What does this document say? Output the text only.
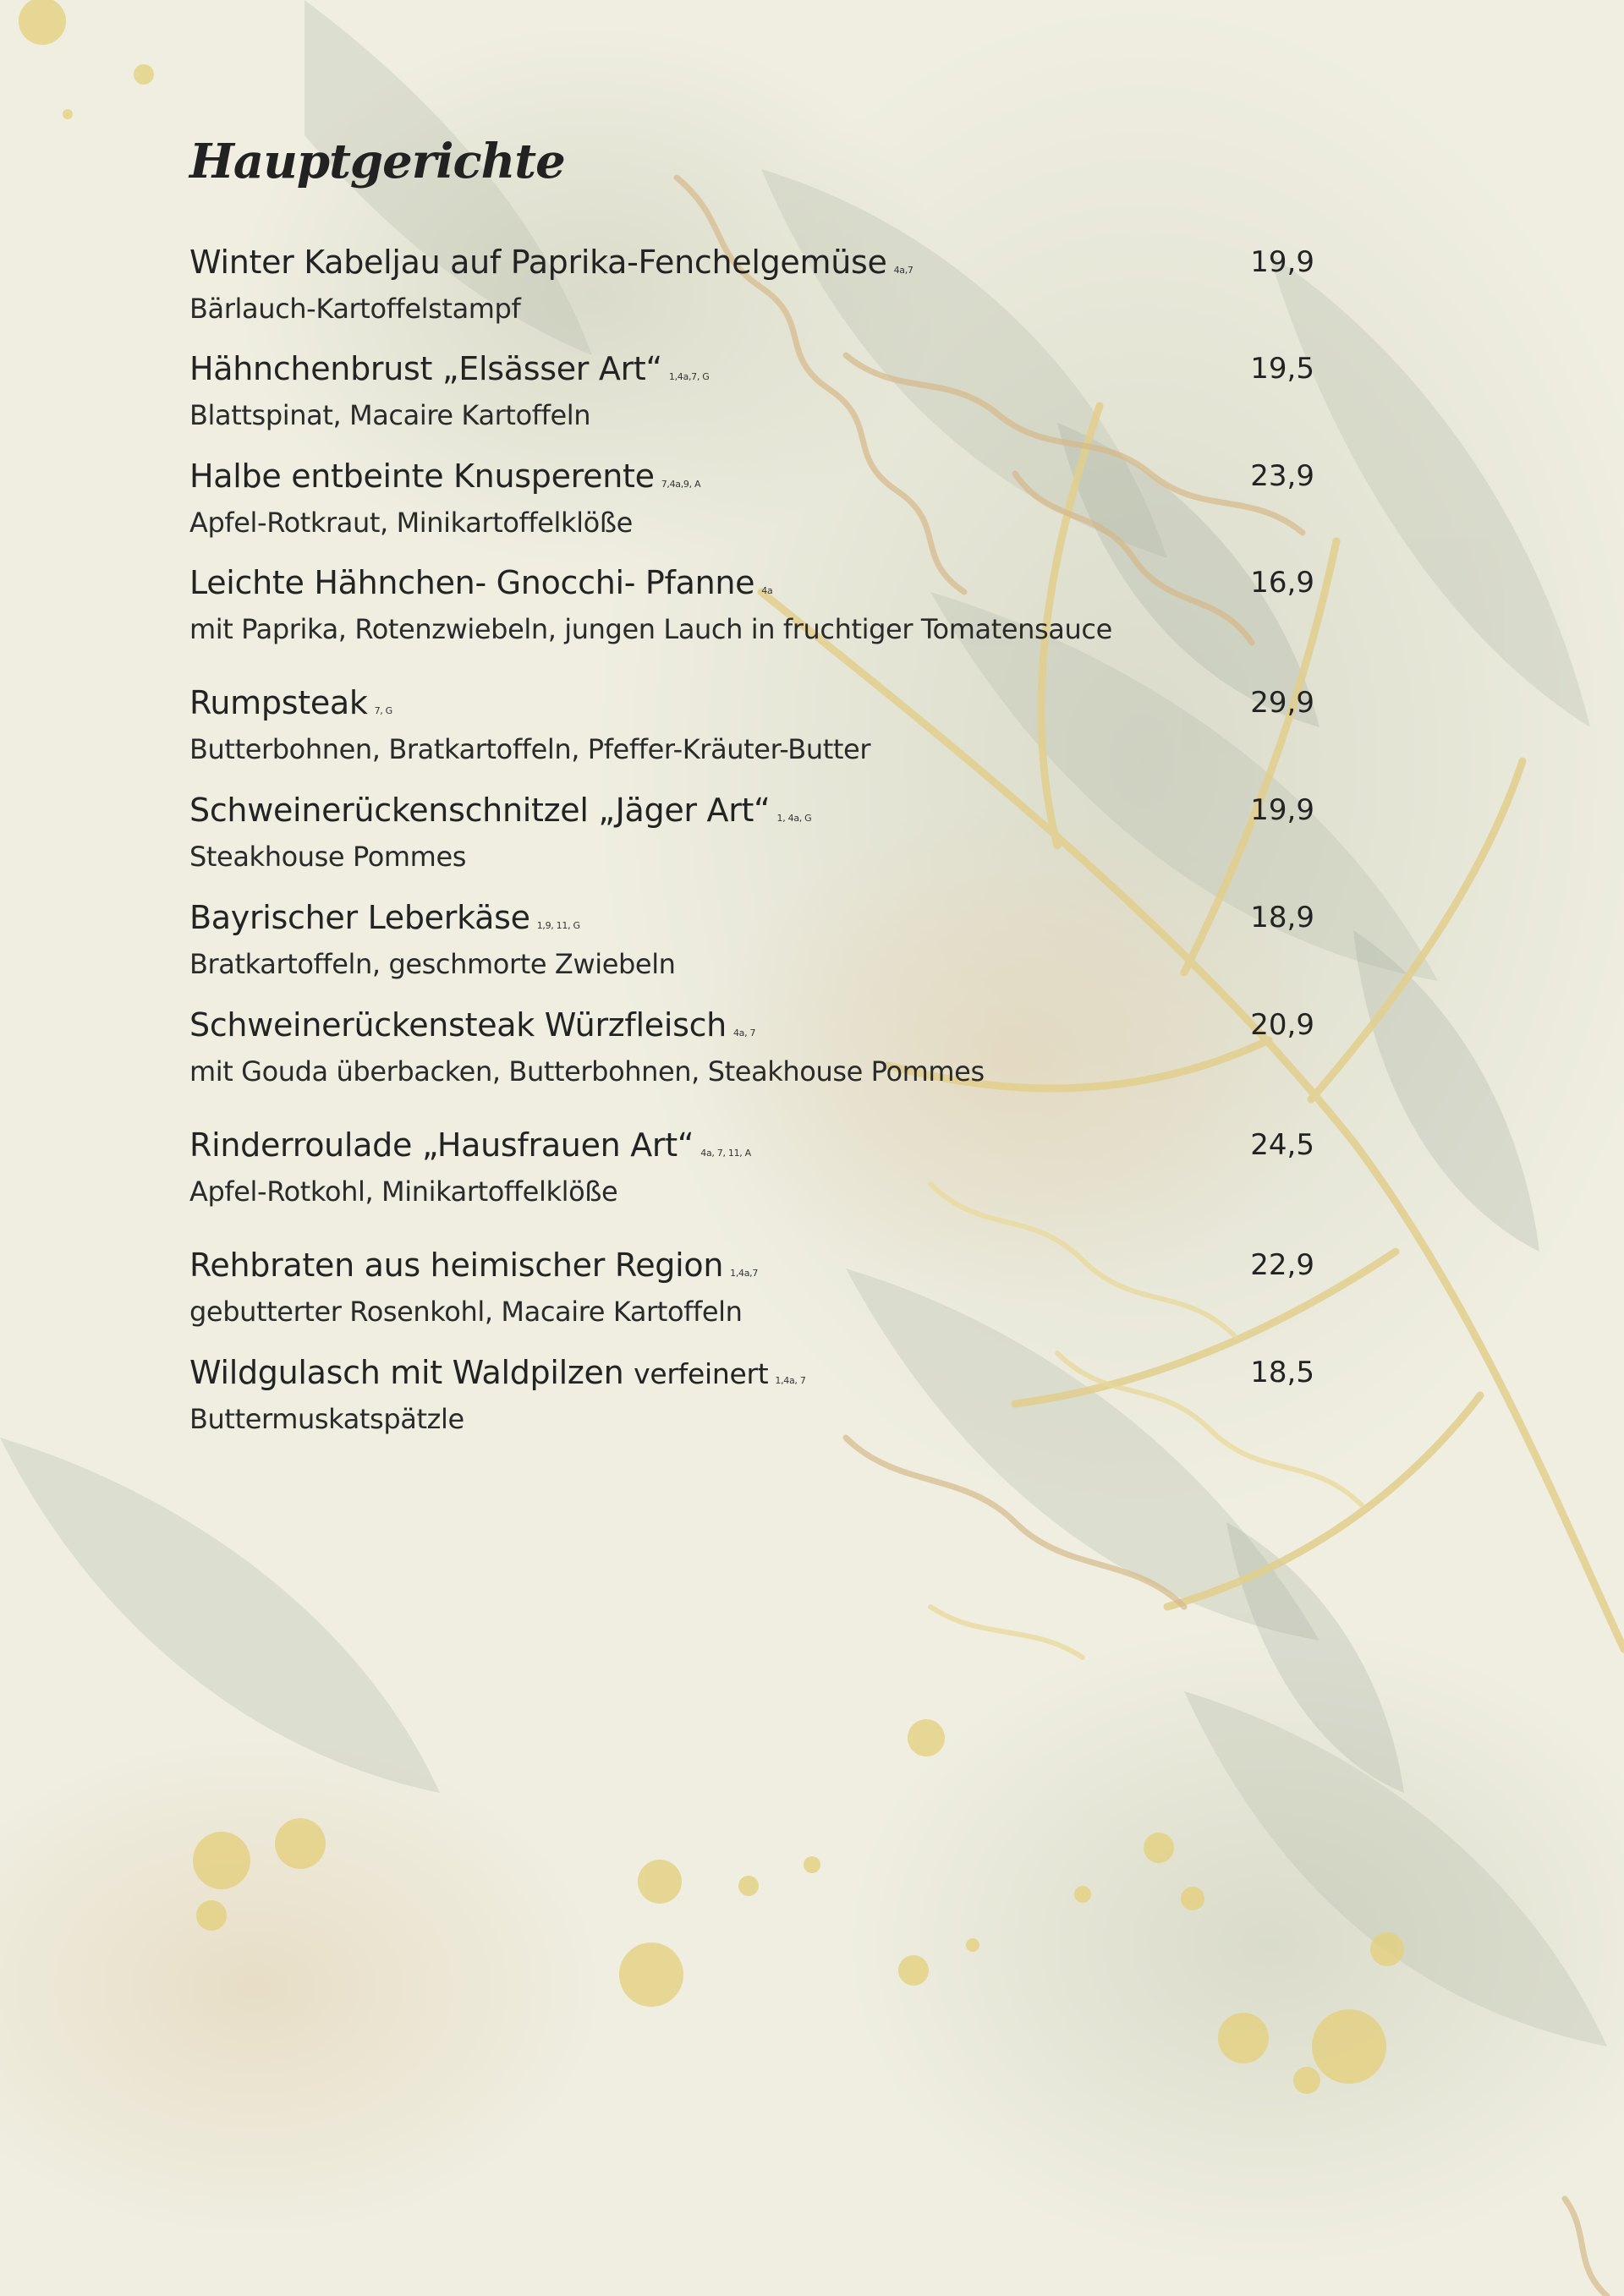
Hauptgerichte
Winter Kabeljau auf Paprika-Fenchelgemüse 4a,7
Bärlauch-Kartoffelstampf
19,9
Hähnchenbrust „Elsässer Art“ 1,4a,7, G
Blattspinat, Macaire Kartoffeln
19,5
Halbe entbeinte Knusperente 7,4a,9, A
Apfel-Rotkraut, Minikartoffelklöße
23,9
Leichte Hähnchen- Gnocchi- Pfanne 4a
mit Paprika, Rotenzwiebeln, jungen Lauch in fruchtiger Tomatensauce
16,9
Rumpsteak 7, G
Butterbohnen, Bratkartoffeln, Pfeffer-Kräuter-Butter
29,9
Schweinerückenschnitzel „Jäger Art“ 1, 4a, G
Steakhouse Pommes
19,9
Bayrischer Leberkäse 1,9, 11, G
Bratkartoffeln, geschmorte Zwiebeln
18,9
Schweinerückensteak Würzfleisch 4a, 7
mit Gouda überbacken, Butterbohnen, Steakhouse Pommes
20,9
Rinderroulade „Hausfrauen Art“ 4a, 7, 11, A
Apfel-Rotkohl, Minikartoffelklöße
24,5
Rehbraten aus heimischer Region 1,4a,7
gebutterter Rosenkohl, Macaire Kartoffeln
22,9
Wildgulasch mit Waldpilzen verfeinert 1,4a, 7
Buttermuskatspätzle
18,5
